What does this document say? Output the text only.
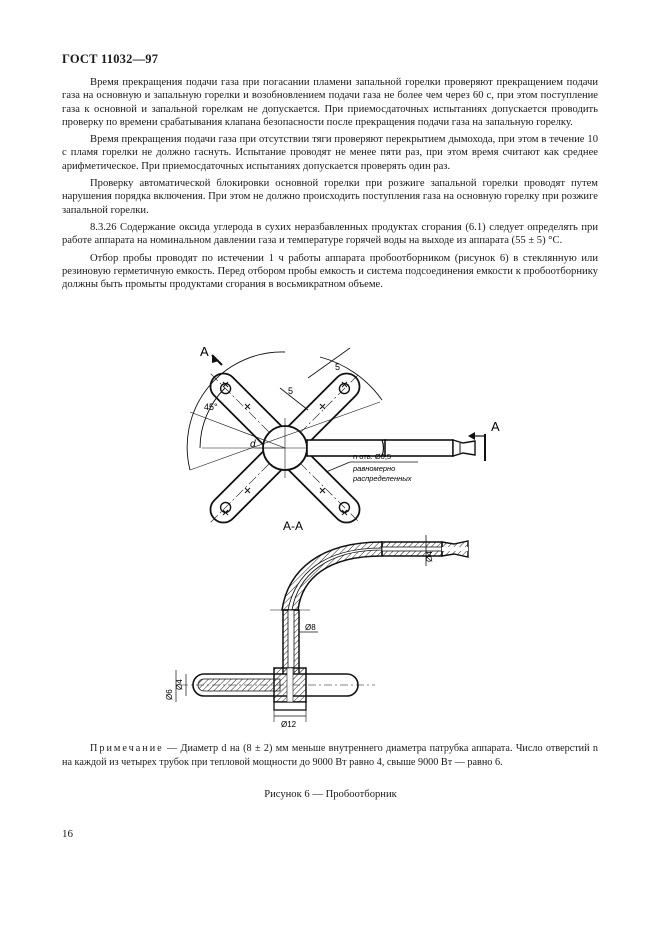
ГОСТ 11032—97

Время прекращения подачи газа при погасании пламени запальной горелки проверяют прекращением подачи газа на основную и запальную горелки и возобновлением подачи газа не более чем через 60 с, при этом поступление газа к основной и запальной горелкам не допускается. При приемосдаточных испытаниях допускается проводить проверку по времени срабатывания клапана безопасности после прекращения подачи газа на запальную горелку.

Время прекращения подачи газа при отсутствии тяги проверяют перекрытием дымохода, при этом в течение 10 с пламя горелки не должно гаснуть. Испытание проводят не менее пяти раз, при этом время считают как среднее арифметическое. При приемосдаточных испытаниях допускается проверять один раз.

Проверку автоматической блокировки основной горелки при розжиге запальной горелки проводят путем нарушения порядка включения. При этом не должно происходить поступления газа на основную горелку при розжиге запальной горелки.

8.3.26 Содержание оксида углерода в сухих неразбавленных продуктах сгорания (6.1) следует определять при работе аппарата на номинальном давлении газа и температуре горячей воды на выходе из аппарата (55 ± 5) °С.

Отбор пробы проводят по истечении 1 ч работы аппарата пробоотборником (рисунок 6) в стеклянную или резиновую герметичную емкость. Перед отбором пробы емкость и система подсоединения емкости к пробоотборнику должны быть промыты продуктами сгорания в восьмикратном объеме.

А
А
45°
5
5
d
n отв. Ø0,5
равномерно
распределенных
А-А
Ø8
Ø4
Ø4
Ø6
Ø12
Примечание — Диаметр d на (8 ± 2) мм меньше внутреннего диаметра патрубка аппарата. Число отверстий n на каждой из четырех трубок при тепловой мощности до 9000 Вт равно 4, свыше 9000 Вт — равно 6.
Рисунок 6 — Пробоотборник
16
